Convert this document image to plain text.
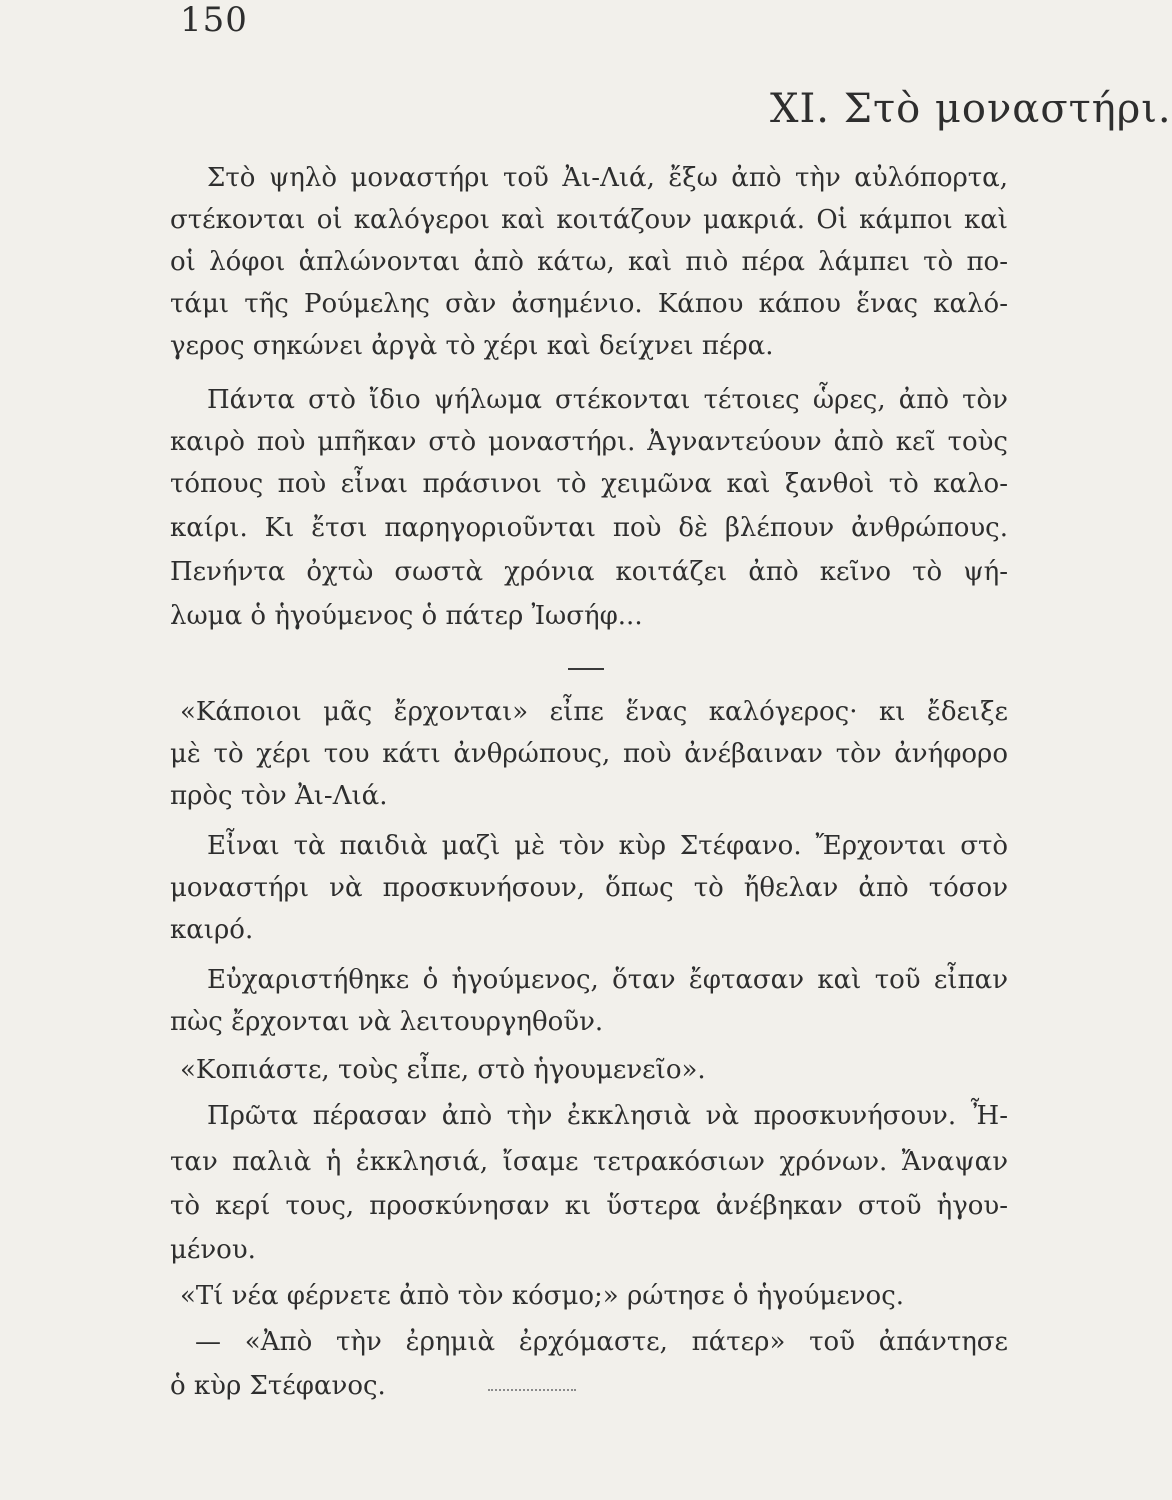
150
XI. Στὸ μοναστήρι.
Στὸ ψηλὸ μοναστήρι τοῦ Ἀι-Λιά, ἔξω ἀπὸ τὴν αὐλόπορτα,
στέκονται οἱ καλόγεροι καὶ κοιτάζουν μακριά. Οἱ κάμποι καὶ
οἱ λόφοι ἁπλώνονται ἀπὸ κάτω, καὶ πιὸ πέρα λάμπει τὸ πο-
τάμι τῆς Ρούμελης σὰν ἀσημένιο. Κάπου κάπου ἕνας καλό-
γερος σηκώνει ἀργὰ τὸ χέρι καὶ δείχνει πέρα.
Πάντα στὸ ἴδιο ψήλωμα στέκονται τέτοιες ὧρες, ἀπὸ τὸν
καιρὸ ποὺ μπῆκαν στὸ μοναστήρι. Ἀγναντεύουν ἀπὸ κεῖ τοὺς
τόπους ποὺ εἶναι πράσινοι τὸ χειμῶνα καὶ ξανθοὶ τὸ καλο-
καίρι. Κι ἔτσι παρηγοριοῦνται ποὺ δὲ βλέπουν ἀνθρώπους.
Πενήντα ὀχτὼ σωστὰ χρόνια κοιτάζει ἀπὸ κεῖνο τὸ ψή-
λωμα ὁ ἡγούμενος ὁ πάτερ Ἰωσήφ...
«Κάποιοι μᾶς ἔρχονται» εἶπε ἕνας καλόγερος· κι ἔδειξε
μὲ τὸ χέρι του κάτι ἀνθρώπους, ποὺ ἀνέβαιναν τὸν ἀνήφορο
πρὸς τὸν Ἀι-Λιά.
Εἶναι τὰ παιδιὰ μαζὶ μὲ τὸν κὺρ Στέφανο. Ἔρχονται στὸ
μοναστήρι νὰ προσκυνήσουν, ὅπως τὸ ἤθελαν ἀπὸ τόσον
καιρό.
Εὐχαριστήθηκε ὁ ἡγούμενος, ὅταν ἔφτασαν καὶ τοῦ εἶπαν
πὼς ἔρχονται νὰ λειτουργηθοῦν.
«Κοπιάστε, τοὺς εἶπε, στὸ ἡγουμενεῖο».
Πρῶτα πέρασαν ἀπὸ τὴν ἐκκλησιὰ νὰ προσκυνήσουν. Ἦ-
ταν παλιὰ ἡ ἐκκλησιά, ἴσαμε τετρακόσιων χρόνων. Ἄναψαν
τὸ κερί τους, προσκύνησαν κι ὕστερα ἀνέβηκαν στοῦ ἡγου-
μένου.
«Τί νέα φέρνετε ἀπὸ τὸν κόσμο;» ρώτησε ὁ ἡγούμενος.
— «Ἀπὸ τὴν ἐρημιὰ ἐρχόμαστε, πάτερ» τοῦ ἀπάντησε
ὁ κὺρ Στέφανος.
